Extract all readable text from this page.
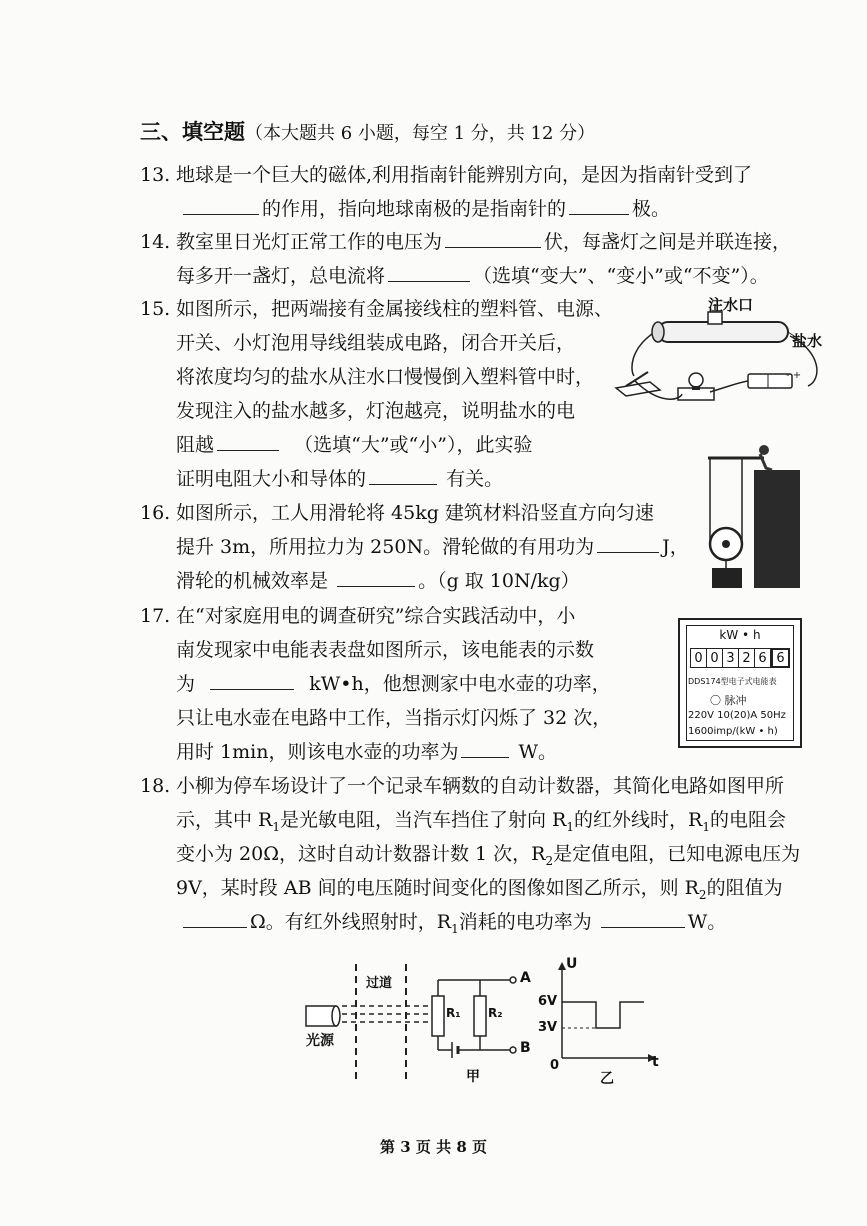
三、填空题（本大题共 6 小题，每空 1 分，共 12 分）
13. 地球是一个巨大的磁体,利用指南针能辨别方向，是因为指南针受到了
的作用，指向地球南极的是指南针的	极。
14. 教室里日光灯正常工作的电压为	伏，每盏灯之间是并联连接，
每多开一盏灯，总电流将	（选填“变大”、“变小”或“不变”）。
15. 如图所示，把两端接有金属接线柱的塑料管、电源、
开关、小灯泡用导线组装成电路，闭合开关后，
将浓度均匀的盐水从注水口慢慢倒入塑料管中时，
发现注入的盐水越多，灯泡越亮，说明盐水的电
阻越	（选填“大”或“小”），此实验
证明电阻大小和导体的	有关。
- +
注水口
盐水
16. 如图所示，工人用滑轮将 45kg 建筑材料沿竖直方向匀速
提升 3m，所用拉力为 250N。滑轮做的有用功为	J，
滑轮的机械效率是	。（g 取 10N/kg）
17. 在“对家庭用电的调查研究”综合实践活动中，小
南发现家中电能表表盘如图所示，该电能表的示数
为	kW•h，他想测家中电水壶的功率，
只让电水壶在电路中工作，当指示灯闪烁了 32 次，
用时 1min，则该电水壶的功率为	W。
kW • h
0 0 3 2 6 6
DDS174型电子式电能表
〇 脉冲
220V 10(20)A 50Hz
1600imp/(kW • h)
18. 小柳为停车场设计了一个记录车辆数的自动计数器，其简化电路如图甲所
示，其中 $R_1$是光敏电阻，当汽车挡住了射向 $R_1$的红外线时，$R_1$的电阻会
变小为 20Ω，这时自动计数器计数 1 次，$R_2$是定值电阻，已知电源电压为
9V，某时段 AB 间的电压随时间变化的图像如图乙所示，则 $R_2$的阻值为
Ω。有红外线照射时，$R_1$消耗的电功率为	W。
光源
过道
R₁ R₂
A
B
甲
U
t
0
6V
3V
乙
第 3 页 共 8 页
